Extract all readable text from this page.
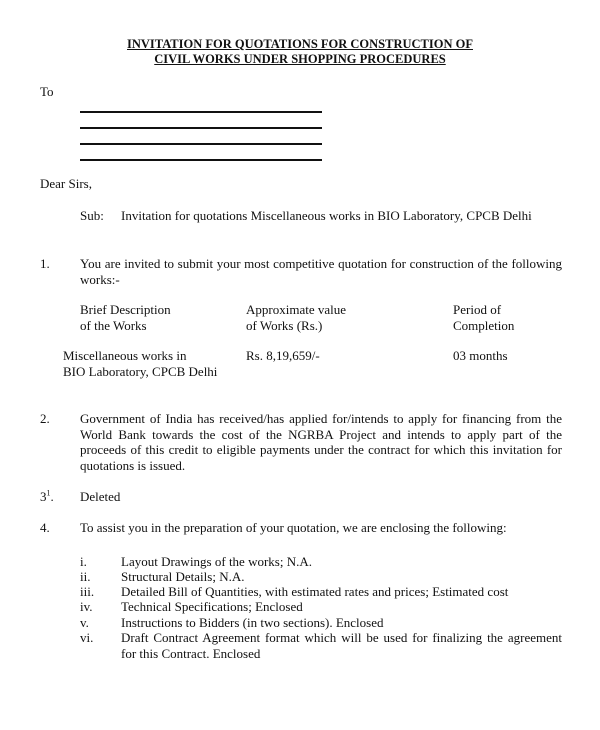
INVITATION FOR QUOTATIONS FOR CONSTRUCTION OF
CIVIL WORKS UNDER SHOPPING PROCEDURES
To
Dear Sirs,
Sub: Invitation for quotations Miscellaneous works in BIO Laboratory, CPCB Delhi
1. You are invited to submit your most competitive quotation for construction of the following works:-
Brief Description
of the Works
Approximate value
of Works (Rs.)
Period of
Completion
Miscellaneous works in
BIO Laboratory, CPCB Delhi
Rs. 8,19,659/-	03 months
2. Government of India has received/has applied for/intends to apply for financing from the World Bank towards the cost of the NGRBA Project and intends to apply part of the proceeds of this credit to eligible payments under the contract for which this invitation for quotations is issued.
$3^1$. Deleted
4. To assist you in the preparation of your quotation, we are enclosing the following:
i.	Layout Drawings of the works; N.A.
ii. Structural Details; N.A.
iii. Detailed Bill of Quantities, with estimated rates and prices; Estimated cost
iv. Technical Specifications; Enclosed
v. Instructions to Bidders (in two sections). Enclosed
vi. Draft Contract Agreement format which will be used for finalizing the agreement for this Contract. Enclosed
